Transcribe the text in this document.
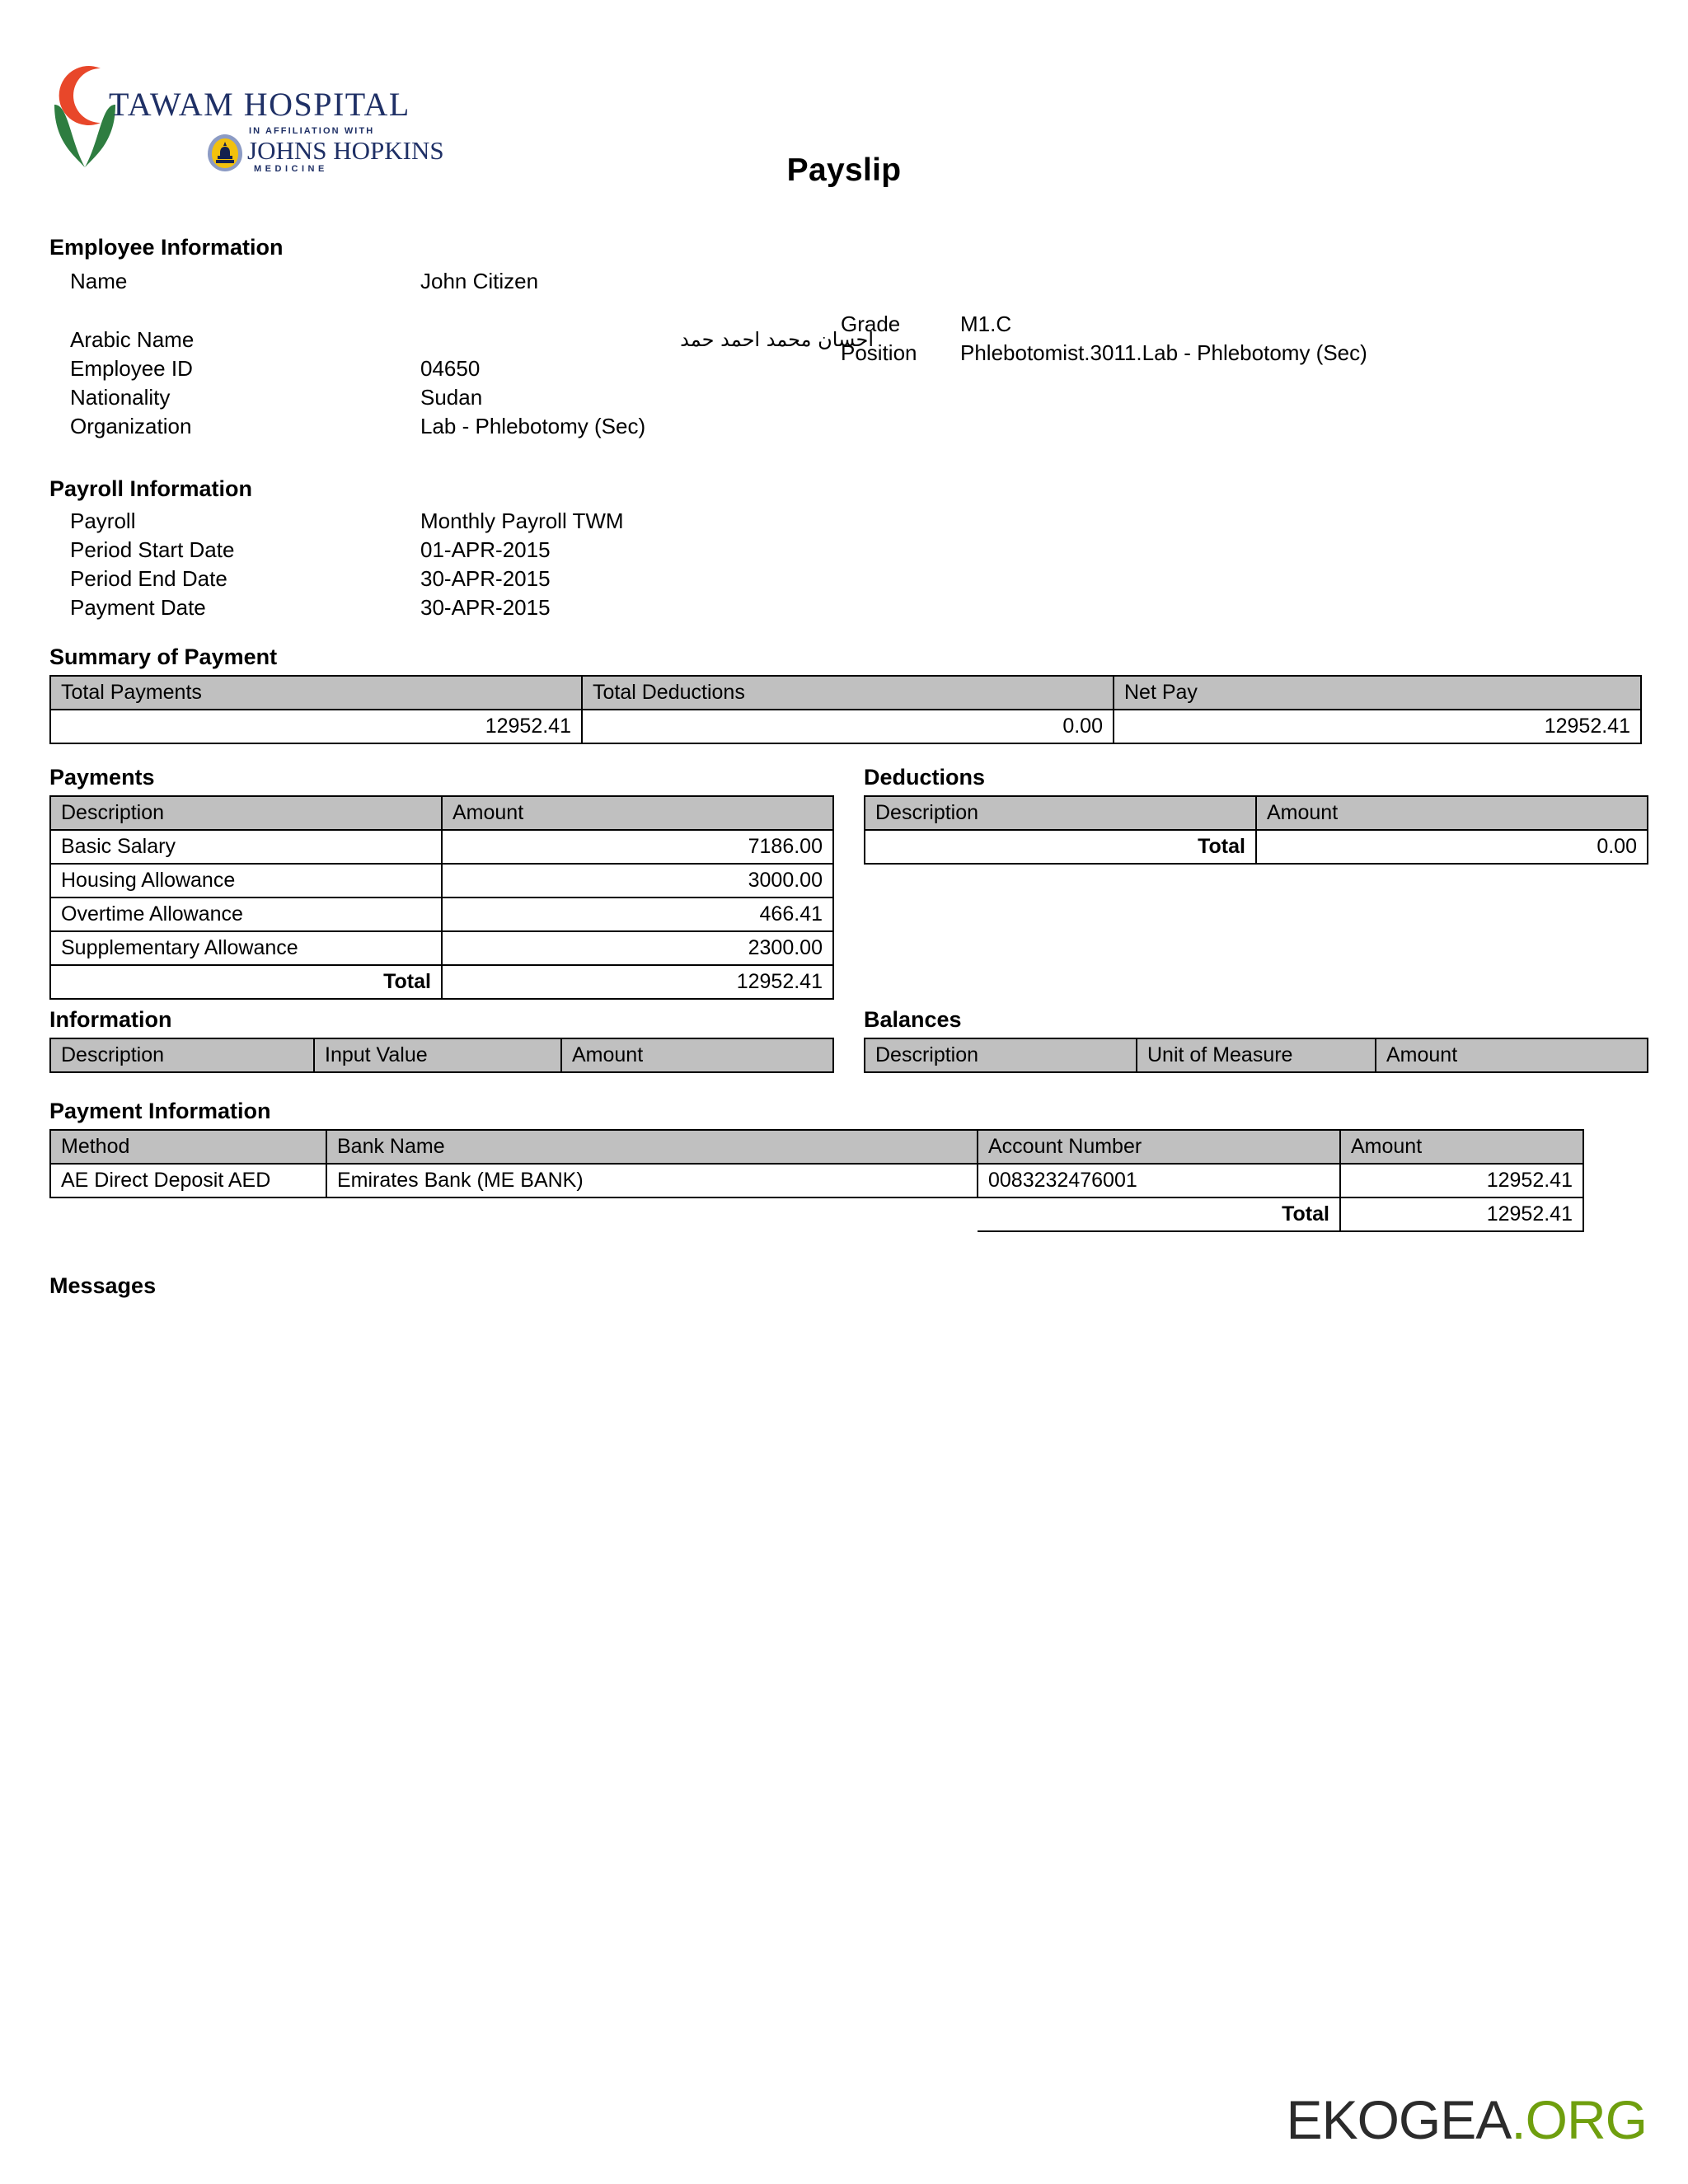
TAWAM HOSPITAL
IN AFFILIATION WITH
JOHNS HOPKINS
MEDICINE	Payslip
Employee Information
Name	John Citizen
Arabic Name	احسان محمد احمد حمد
Employee ID	04650
Nationality	Sudan
Organization	Lab - Phlebotomy (Sec)
Grade	M1.C
Position	Phlebotomist.3011.Lab - Phlebotomy (Sec)
Payroll Information
Payroll	Monthly Payroll TWM
Period Start Date	01-APR-2015
Period End Date	30-APR-2015
Payment Date	30-APR-2015
Summary of Payment
Total Payments	Total Deductions	Net Pay
12952.41	0.00	12952.41
Payments
Description	Amount
Basic Salary	7186.00
Housing Allowance	3000.00
Overtime Allowance	466.41
Supplementary Allowance	2300.00
Total	12952.41
Deductions
Description	Amount
Total	0.00
Information
Description	Input Value	Amount
Balances
Description	Unit of Measure	Amount
Payment Information
Method	Bank Name	Account Number	Amount
AE Direct Deposit AED	Emirates Bank (ME BANK)	0083232476001	12952.41
		Total	12952.41
Messages
EKOGEA.ORG
